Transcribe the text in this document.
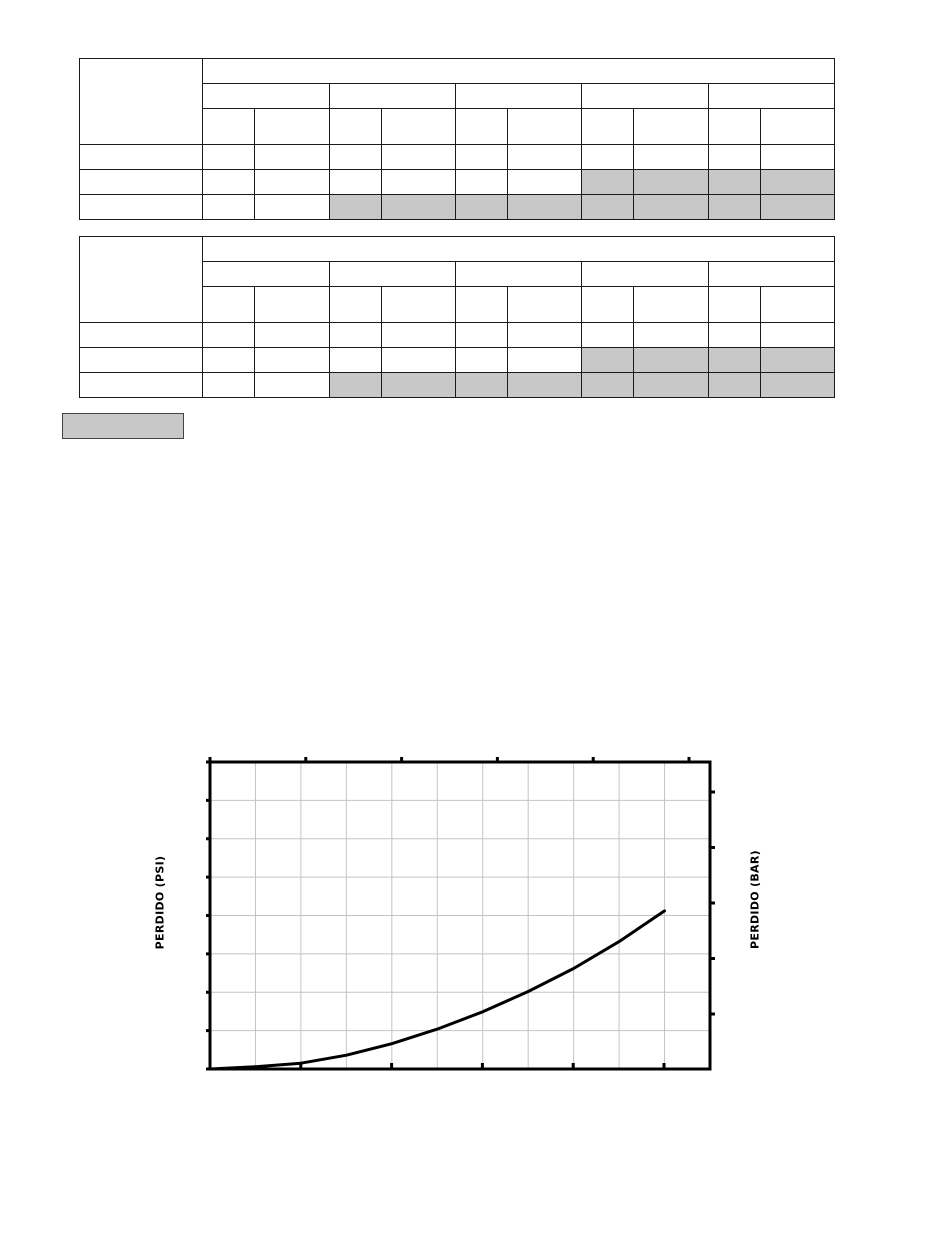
PERDIDO (PSI)	PERDIDO (BAR)
